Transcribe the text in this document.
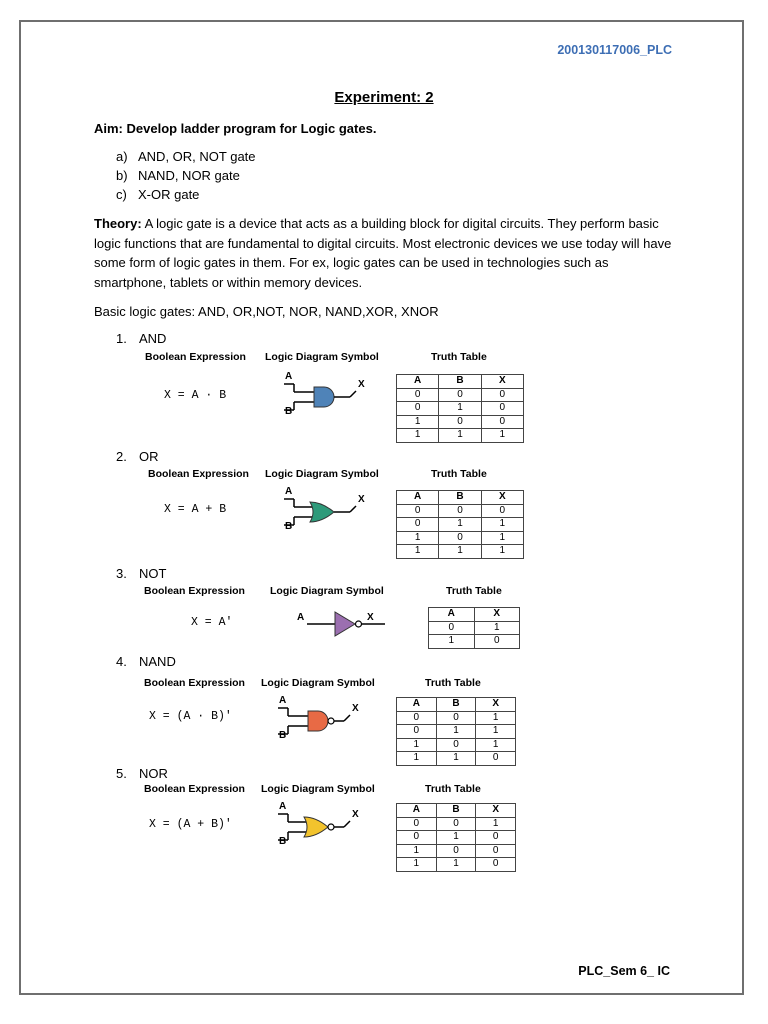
200130117006_PLC
Experiment: 2
Aim: Develop ladder program for Logic gates.
a) AND, OR, NOT gate
b) NAND, NOR gate
c) X-OR gate
Theory: A logic gate is a device that acts as a building block for digital circuits. They perform basic logic functions that are fundamental to digital circuits. Most electronic devices we use today will have some form of logic gates in them. For ex, logic gates can be used in technologies such as smartphone, tablets or within memory devices.
Basic logic gates: AND, OR,NOT, NOR, NAND,XOR, XNOR
1. AND
Boolean Expression Logic Diagram Symbol	Truth Table
X = A · B
A
B
X	A	B	X
0	0	0
0	1	0
1	0	0
1	1	1
2. OR
Boolean Expression Logic Diagram Symbol	Truth Table
X = A + B
A
B
X	A	B	X
0	0	0
0	1	1
1	0	1
1	1	1
3. NOT
Boolean Expression Logic Diagram Symbol	Truth Table
X = A'	A	X	A	X
0	1
1	0
4. NAND
Boolean Expression Logic Diagram Symbol	Truth Table
X = (A · B)'
A
B
X	A	B	X
0	0	1
0	1	1
1	0	1
1	1	0
5. NOR
Boolean Expression Logic Diagram Symbol	Truth Table
X = (A + B)'
A
B
X	A	B	X
0	0	1
0	1	0
1	0	0
1	1	0
PLC_Sem 6_ IC
